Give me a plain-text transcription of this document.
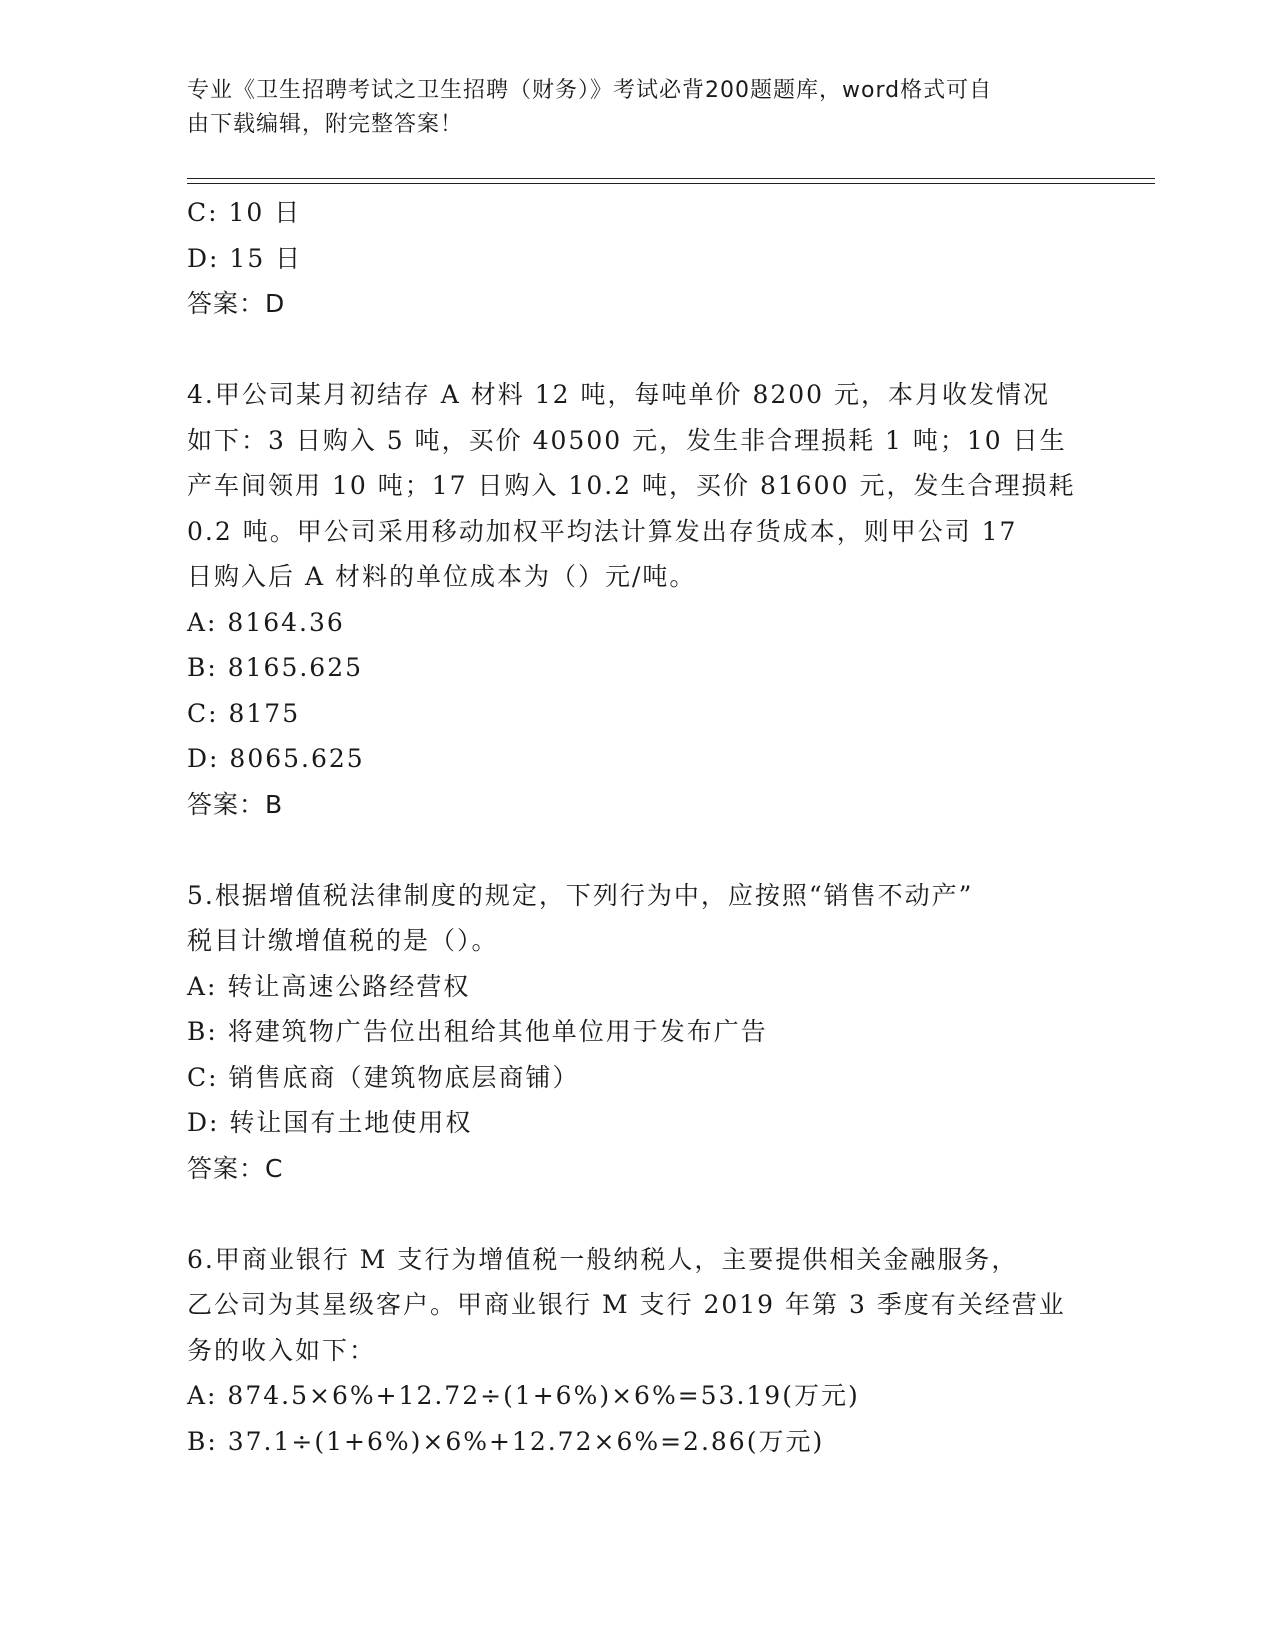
专业《卫生招聘考试之卫生招聘（财务）》考试必背200题题库，word格式可自
由下载编辑，附完整答案！
C: 10 日
D: 15 日
答案：D
4.甲公司某月初结存 A 材料 12 吨，每吨单价 8200 元，本月收发情况
如下：3 日购入 5 吨，买价 40500 元，发生非合理损耗 1 吨；10 日生
产车间领用 10 吨；17 日购入 10.2 吨，买价 81600 元，发生合理损耗
0.2 吨。甲公司采用移动加权平均法计算发出存货成本，则甲公司 17
日购入后 A 材料的单位成本为（）元/吨。
A: 8164.36
B: 8165.625
C: 8175
D: 8065.625
答案：B
5.根据增值税法律制度的规定，下列行为中，应按照“销售不动产”
税目计缴增值税的是（）。
A: 转让高速公路经营权
B: 将建筑物广告位出租给其他单位用于发布广告
C: 销售底商（建筑物底层商铺）
D: 转让国有土地使用权
答案：C
6.甲商业银行 M 支行为增值税一般纳税人，主要提供相关金融服务，
乙公司为其星级客户。甲商业银行 M 支行 2019 年第 3 季度有关经营业
务的收入如下：
A: 874.5×6%+12.72÷(1+6%)×6%=53.19(万元)
B: 37.1÷(1+6%)×6%+12.72×6%=2.86(万元)
